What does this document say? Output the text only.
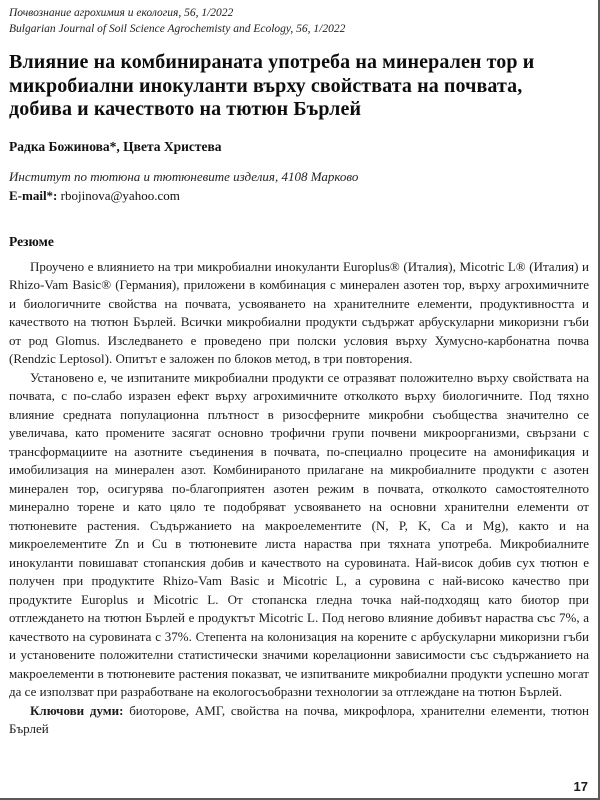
Почвознание агрохимия и екология, 56, 1/2022
Bulgarian Journal of Soil Science Agrochemisty and Ecology, 56, 1/2022
Влияние на комбинираната употреба на минерален тор и микробиални инокуланти върху свойствата на почвата, добива и качеството на тютюн Бърлей
Радка Божинова*, Цвета Христева
Институт по тютюна и тютюневите изделия, 4108 Марково
E-mail*: rbojinova@yahoo.com
Резюме

Проучено е влиянието на три микробиални инокуланти Europlus® (Италия), Micotric L® (Италия) и Rhizo-Vam Basic® (Германия), приложени в комбинация с минерален азотен тор, върху агрохимичните и биологичните свойства на почвата, усвояването на хранителните елементи, продуктивността и качеството на тютюн Бърлей. Всички микробиални продукти съдържат арбускуларни микоризни гъби от род Glomus. Изследването е проведено при полски условия върху Хумусно-карбонатна почва (Rendzic Leptosol). Опитът е заложен по блоков метод, в три повторения.

Установено е, че изпитаните микробиални продукти се отразяват положително върху свойствата на почвата, с по-слабо изразен ефект върху агрохимичните отколкото върху биологичните. Под тяхно влияние средната популационна плътност в ризосферните микробни съобщества значително се увеличава, като промените засягат основно трофични групи почвени микроорганизми, свързани с трансформациите на азотните съединения в почвата, по-специално процесите на амонификация и имобилизация на минерален азот. Комбинираното прилагане на микробиалните продукти с азотен минерален тор, осигурява по-благоприятен азотен режим в почвата, отколкото самостоятелното минерално торене и като цяло те подобряват усвояването на основни хранителни елементи от тютюневите растения. Съдържанието на макроелементите (N, P, K, Ca и Mg), както и на микроелементите Zn и Cu в тютюневите листа нараства при тяхната употреба. Микробиалните инокуланти повишават стопанския добив и качеството на суровината. Най-висок добив сух тютюн е получен при продуктите Rhizo-Vam Basic и Micotric L, а суровина с най-високо качество при продуктите Europlus и Micotric L. От стопанска гледна точка най-подходящ като биотор при отглеждането на тютюн Бърлей е продуктът Micotric L. Под негово влияние добивът нараства със 7%, а качеството на суровината с 37%. Степента на колонизация на корените с арбускуларни микоризни гъби и установените положителни статистически значими корелационни зависимости със съдържанието на макроелементи в тютюневите растения показват, че изпитваните микробиални продукти успешно могат да се използват при разработване на екологосъобразни технологии за отглеждане на тютюн Бърлей.

Ключови думи: биоторове, АМГ, свойства на почва, микрофлора, хранителни елементи, тютюн Бърлей

17
